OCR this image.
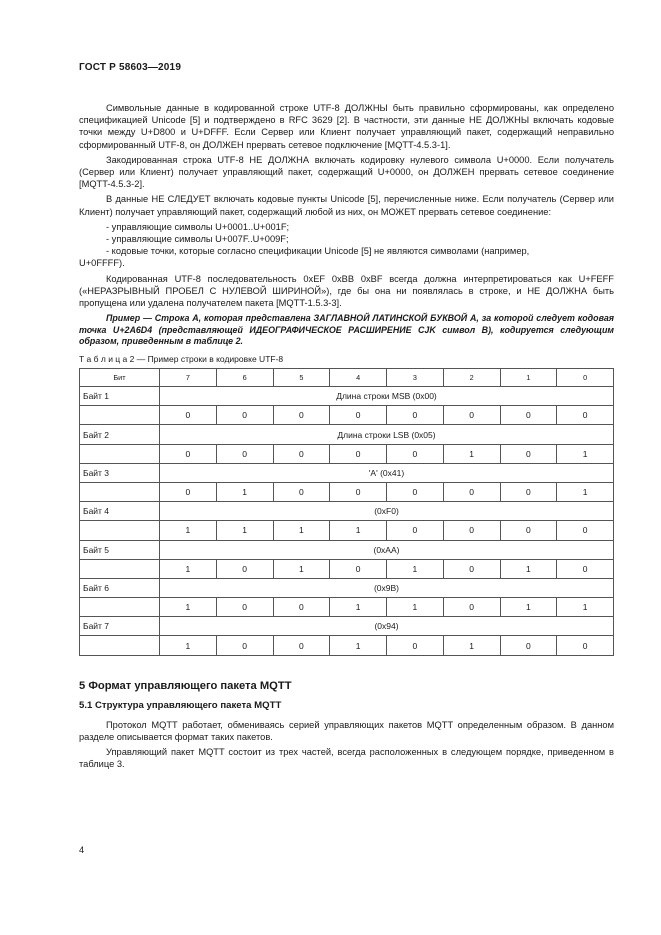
ГОСТ Р 58603—2019

Символьные данные в кодированной строке UTF-8 ДОЛЖНЫ быть правильно сформированы, как определено спецификацией Unicode [5] и подтверждено в RFC 3629 [2]. В частности, эти данные НЕ ДОЛЖНЫ включать кодовые точки между U+D800 и U+DFFF. Если Сервер или Клиент получает управляющий пакет, содержащий неправильно сформированный UTF-8, он ДОЛЖЕН прервать сетевое подключение [MQTT-4.5.3-1].

Закодированная строка UTF-8 НЕ ДОЛЖНА включать кодировку нулевого символа U+0000. Если получатель (Сервер или Клиент) получает управляющий пакет, содержащий U+0000, он ДОЛЖЕН прервать сетевое соединение [MQTT-4.5.3-2].

В данные НЕ СЛЕДУЕТ включать кодовые пункты Unicode [5], перечисленные ниже. Если получатель (Сервер или Клиент) получает управляющий пакет, содержащий любой из них, он МОЖЕТ прервать сетевое соединение:

- управляющие символы U+0001..U+001F;

- управляющие символы U+007F..U+009F;

- кодовые точки, которые согласно спецификации Unicode [5] не являются символами (например,

U+0FFFF).

Кодированная UTF-8 последовательность 0xEF 0xBB 0xBF всегда должна интерпретироваться как U+FEFF («НЕРАЗРЫВНЫЙ ПРОБЕЛ С НУЛЕВОЙ ШИРИНОЙ»), где бы она ни появлялась в строке, и НЕ ДОЛЖНА быть пропущена или удалена получателем пакета [MQTT-1.5.3-3].

Пример — Строка A, которая представлена ЗАГЛАВНОЙ ЛАТИНСКОЙ БУКВОЙ A, за которой следует кодовая точка U+2A6D4 (представляющей ИДЕОГРАФИЧЕСКОЕ РАСШИРЕНИЕ CJK символ B), кодируется следующим образом, приведенным в таблице 2.

Т а б л и ц а 2 — Пример строки в кодировке UTF-8
Бит	7	6	5	4	3	2	1	0
Байт 1	Длина строки MSB (0x00)							
	0	0	0	0	0	0	0	0
Байт 2	Длина строки LSB (0x05)							
	0	0	0	0	0	1	0	1
Байт 3	'A' (0x41)							
	0	1	0	0	0	0	0	1
Байт 4	(0xF0)							
	1	1	1	1	0	0	0	0
Байт 5	(0xAA)							
	1	0	1	0	1	0	1	0
Байт 6	(0x9B)							
	1	0	0	1	1	0	1	1
Байт 7	(0x94)							
	1	0	0	1	0	1	0	0
5 Формат управляющего пакета MQTT
5.1 Структура управляющего пакета MQTT

Протокол MQTT работает, обмениваясь серией управляющих пакетов MQTT определенным образом. В данном разделе описывается формат таких пакетов.

Управляющий пакет MQTT состоит из трех частей, всегда расположенных в следующем порядке, приведенном в таблице 3.

4
